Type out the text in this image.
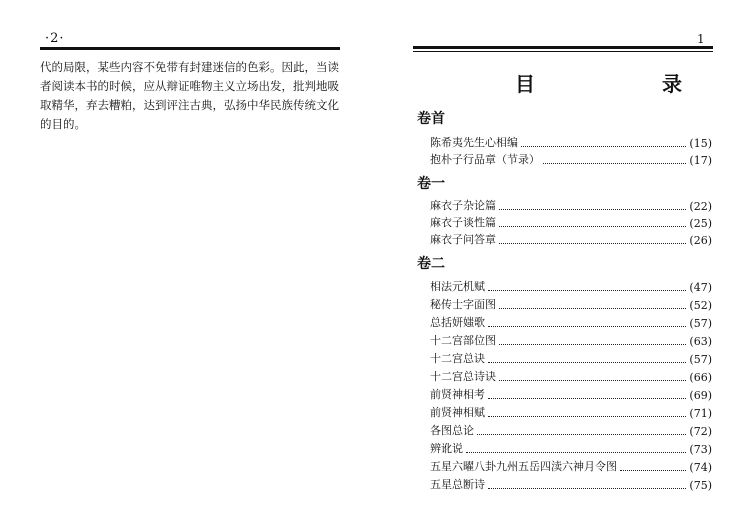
·2·

代的局限，某些内容不免带有封建迷信的色彩。因此，当读

者阅读本书的时候，应从辩证唯物主义立场出发，批判地吸

取精华，弃去糟粕，达到评注古典，弘扬中华民族传统文化

的目的。

1
目 录
卷首
陈希夷先生心相编	(15)
抱朴子行品章（节录）	(17)
卷一
麻衣子杂论篇	(22)
麻衣子谈性篇	(25)
麻衣子问答章	(26)
卷二
相法元机赋	(47)
秘传士字面图	(52)
总括妍媸歌	(57)
十二宫部位图	(63)
十二宫总诀	(57)
十二宫总诗诀	(66)
前贤神相考	(69)
前贤神相赋	(71)
各图总论	(72)
辨讹说	(73)
五星六曜八卦九州五岳四渎六神月令图	(74)
五星总断诗	(75)
